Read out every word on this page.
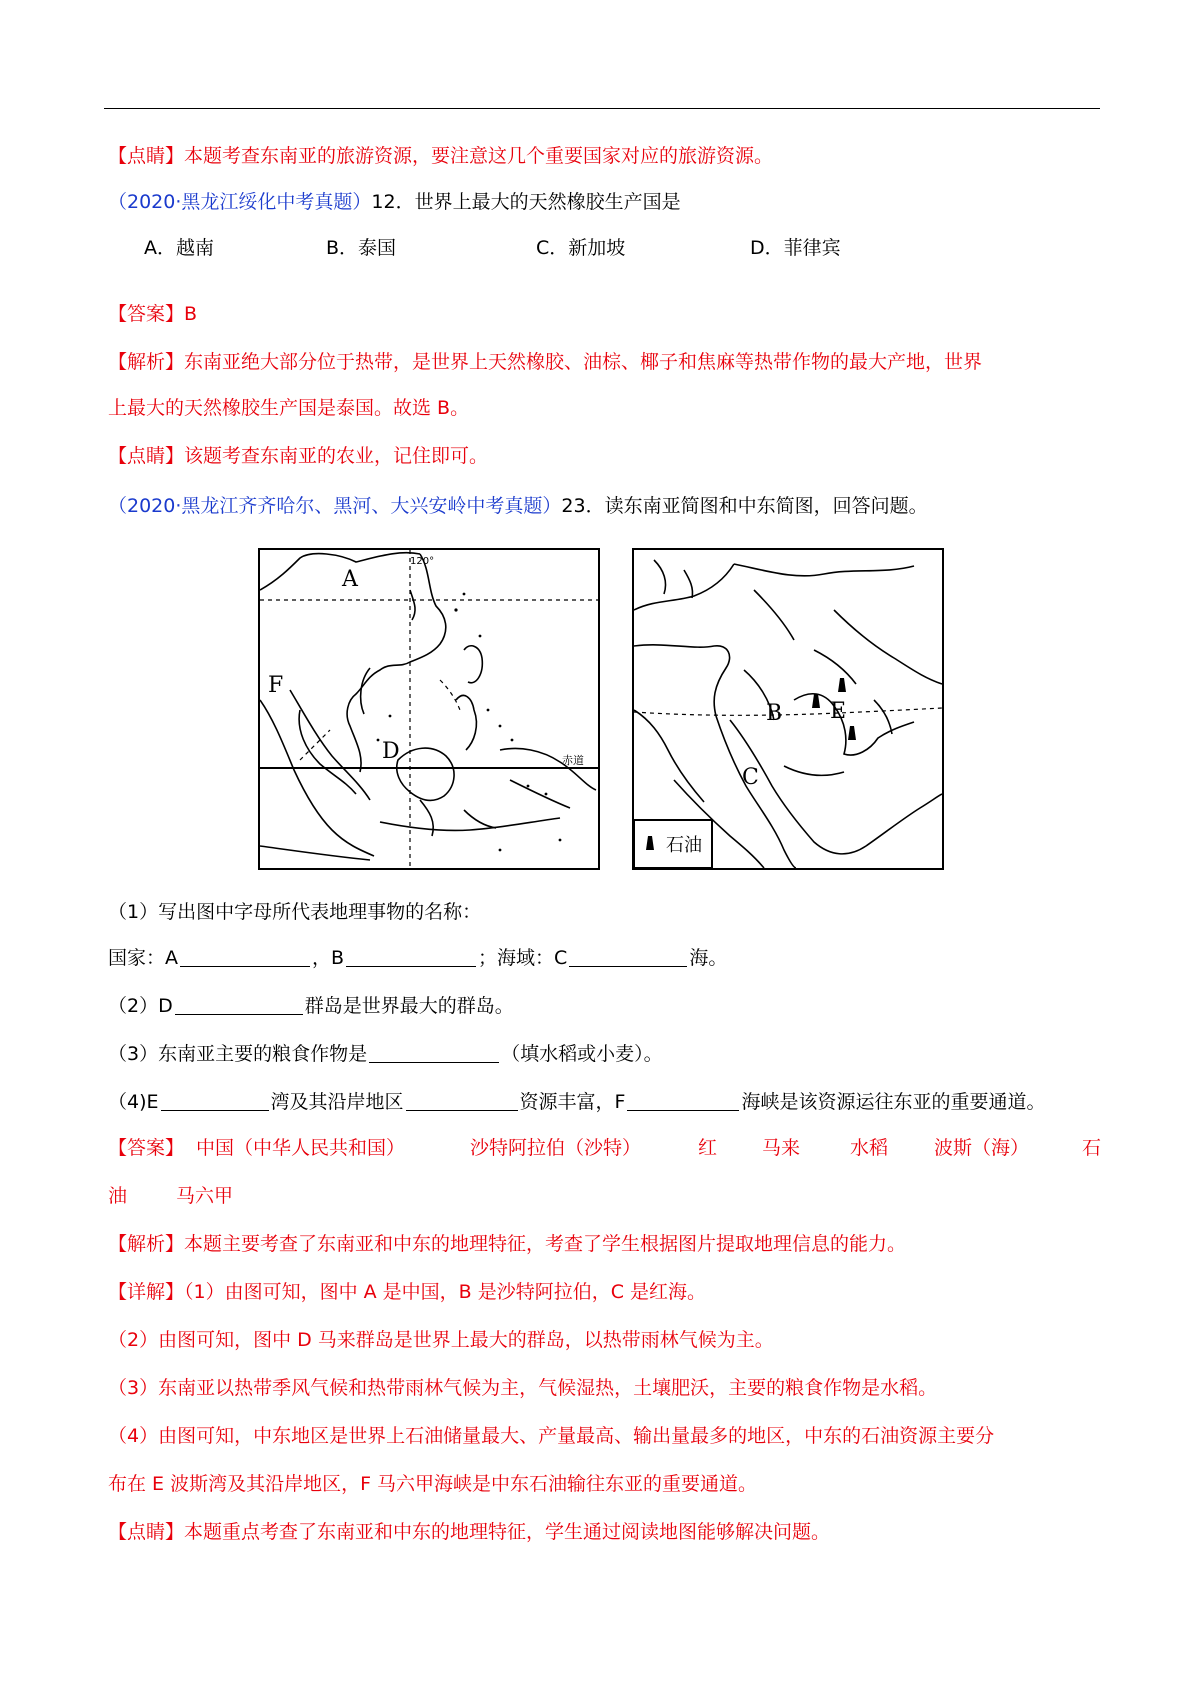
【点睛】本题考查东南亚的旅游资源，要注意这几个重要国家对应的旅游资源。
（2020·黑龙江绥化中考真题）12．世界上最大的天然橡胶生产国是
A．越南	B．泰国	C．新加坡	D．菲律宾
【答案】B
【解析】东南亚绝大部分位于热带，是世界上天然橡胶、油棕、椰子和焦麻等热带作物的最大产地，世界
上最大的天然橡胶生产国是泰国。故选 B。
【点睛】该题考查东南亚的农业，记住即可。
（2020·黑龙江齐齐哈尔、黑河、大兴安岭中考真题）23．读东南亚简图和中东简图，回答问题。
A
F
D
120°
赤道
B
C
E
石油
（1）写出图中字母所代表地理事物的名称：
国家：A	，B	；海域：C	海。
（2）D	群岛是世界最大的群岛。
（3）东南亚主要的粮食作物是	（填水稻或小麦）。
（4)E	湾及其沿岸地区	资源丰富，F	海峡是该资源运往东亚的重要通道。
【答案】 中国（中华人民共和国）	沙特阿拉伯（沙特）	红 马来	水稻 波斯（海）	石
油	马六甲
【解析】本题主要考查了东南亚和中东的地理特征，考查了学生根据图片提取地理信息的能力。
【详解】（1）由图可知，图中 A 是中国，B 是沙特阿拉伯，C 是红海。
（2）由图可知，图中 D 马来群岛是世界上最大的群岛，以热带雨林气候为主。
（3）东南亚以热带季风气候和热带雨林气候为主，气候湿热，土壤肥沃，主要的粮食作物是水稻。
（4）由图可知，中东地区是世界上石油储量最大、产量最高、输出量最多的地区，中东的石油资源主要分
布在 E 波斯湾及其沿岸地区，F 马六甲海峡是中东石油输往东亚的重要通道。
【点睛】本题重点考查了东南亚和中东的地理特征，学生通过阅读地图能够解决问题。
